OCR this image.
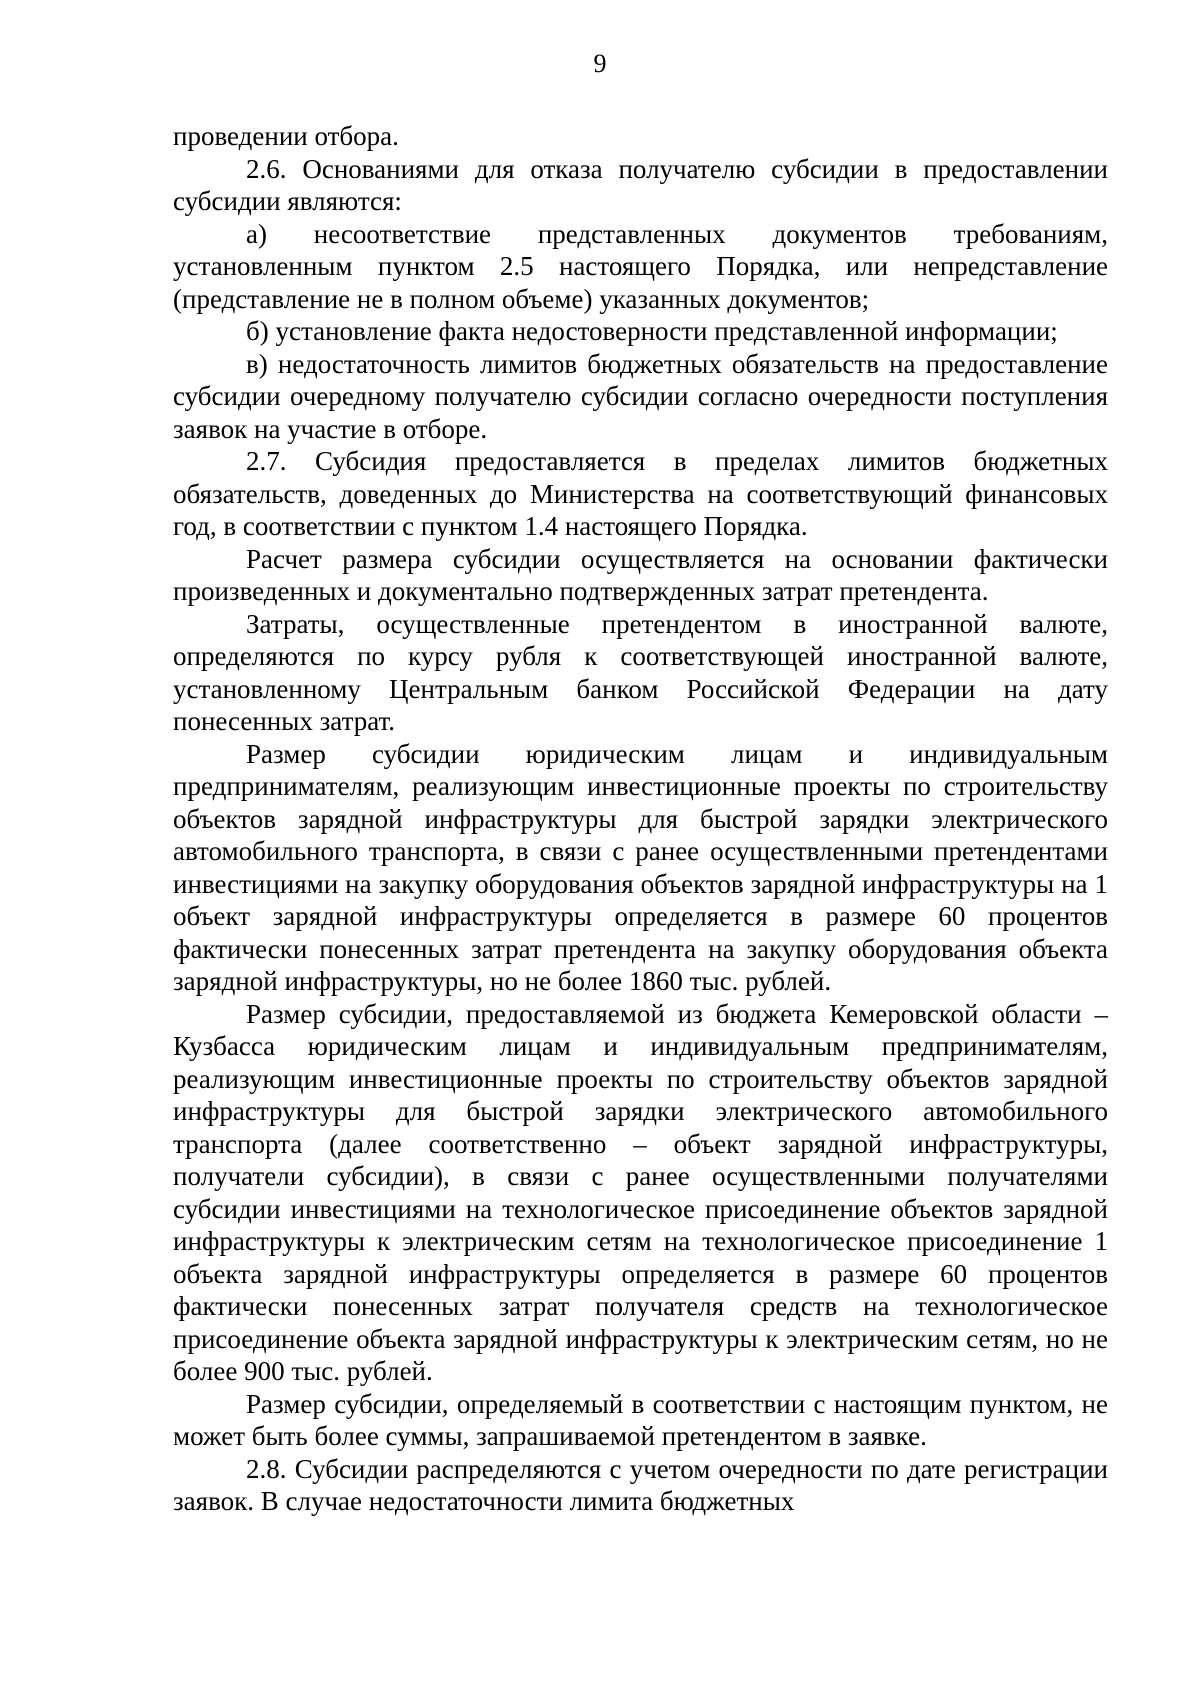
9

проведении отбора.

2.6. Основаниями для отказа получателю субсидии в предоставлении субсидии являются:

а) несоответствие представленных документов требованиям, установленным пунктом 2.5 настоящего Порядка, или непредставление (представление не в полном объеме) указанных документов;

б) установление факта недостоверности представленной информации;

в) недостаточность лимитов бюджетных обязательств на предоставление субсидии очередному получателю субсидии согласно очередности поступления заявок на участие в отборе.

2.7. Субсидия предоставляется в пределах лимитов бюджетных обязательств, доведенных до Министерства на соответствующий финансовых год, в соответствии с пунктом 1.4 настоящего Порядка.

Расчет размера субсидии осуществляется на основании фактически произведенных и документально подтвержденных затрат претендента.

Затраты, осуществленные претендентом в иностранной валюте, определяются по курсу рубля к соответствующей иностранной валюте, установленному Центральным банком Российской Федерации на дату понесенных затрат.

Размер субсидии юридическим лицам и индивидуальным предпринимателям, реализующим инвестиционные проекты по строительству объектов зарядной инфраструктуры для быстрой зарядки электрического автомобильного транспорта, в связи с ранее осуществленными претендентами инвестициями на закупку оборудования объектов зарядной инфраструктуры на 1 объект зарядной инфраструктуры определяется в размере 60 процентов фактически понесенных затрат претендента на закупку оборудования объекта зарядной инфраструктуры, но не более 1860 тыс. рублей.

Размер субсидии, предоставляемой из бюджета Кемеровской области – Кузбасса юридическим лицам и индивидуальным предпринимателям, реализующим инвестиционные проекты по строительству объектов зарядной инфраструктуры для быстрой зарядки электрического автомобильного транспорта (далее соответственно – объект зарядной инфраструктуры, получатели субсидии), в связи с ранее осуществленными получателями субсидии инвестициями на технологическое присоединение объектов зарядной инфраструктуры к электрическим сетям на технологическое присоединение 1 объекта зарядной инфраструктуры определяется в размере 60 процентов фактически понесенных затрат получателя средств на технологическое присоединение объекта зарядной инфраструктуры к электрическим сетям, но не более 900 тыс. рублей.

Размер субсидии, определяемый в соответствии с настоящим пунктом, не может быть более суммы, запрашиваемой претендентом в заявке.

2.8. Субсидии распределяются с учетом очередности по дате регистрации заявок. В случае недостаточности лимита бюджетных
